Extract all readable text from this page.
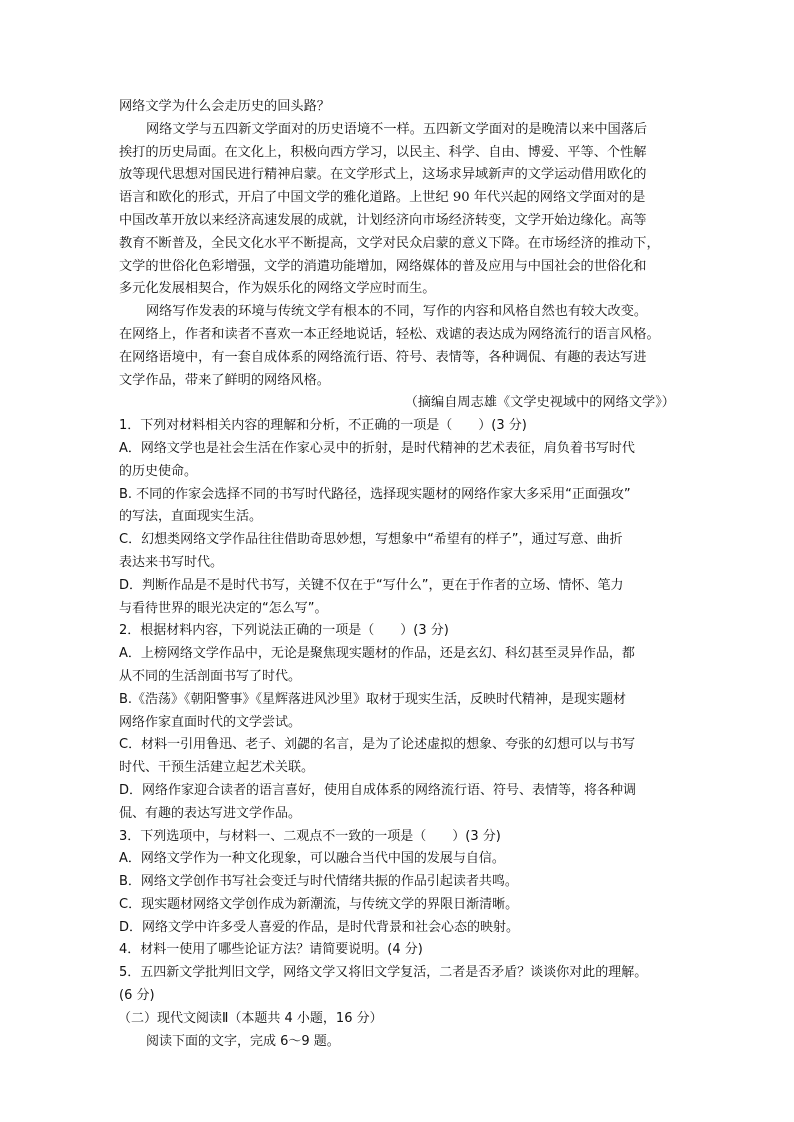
网络文学为什么会走历史的回头路？
网络文学与五四新文学面对的历史语境不一样。五四新文学面对的是晚清以来中国落后
挨打的历史局面。在文化上，积极向西方学习，以民主、科学、自由、博爱、平等、个性解
放等现代思想对国民进行精神启蒙。在文学形式上，这场求异域新声的文学运动借用欧化的
语言和欧化的形式，开启了中国文学的雅化道路。上世纪 90 年代兴起的网络文学面对的是
中国改革开放以来经济高速发展的成就，计划经济向市场经济转变，文学开始边缘化。高等
教育不断普及，全民文化水平不断提高，文学对民众启蒙的意义下降。在市场经济的推动下，
文学的世俗化色彩增强，文学的消遣功能增加，网络媒体的普及应用与中国社会的世俗化和
多元化发展相契合，作为娱乐化的网络文学应时而生。
网络写作发表的环境与传统文学有根本的不同，写作的内容和风格自然也有较大改变。
在网络上，作者和读者不喜欢一本正经地说话，轻松、戏谑的表达成为网络流行的语言风格。
在网络语境中，有一套自成体系的网络流行语、符号、表情等，各种调侃、有趣的表达写进
文学作品，带来了鲜明的网络风格。
（摘编自周志雄《文学史视域中的网络文学》）
1．下列对材料相关内容的理解和分析，不正确的一项是（　　）(3 分)
A．网络文学也是社会生活在作家心灵中的折射，是时代精神的艺术表征，肩负着书写时代
的历史使命。
B. 不同的作家会选择不同的书写时代路径，选择现实题材的网络作家大多采用“正面强攻”
的写法，直面现实生活。
C．幻想类网络文学作品往往借助奇思妙想，写想象中“希望有的样子”，通过写意、曲折
表达来书写时代。
D．判断作品是不是时代书写，关键不仅在于“写什么”，更在于作者的立场、情怀、笔力
与看待世界的眼光决定的“怎么写”。
2．根据材料内容，下列说法正确的一项是（　　）(3 分)
A．上榜网络文学作品中，无论是聚焦现实题材的作品，还是玄幻、科幻甚至灵异作品，都
从不同的生活剖面书写了时代。
B.《浩荡》《朝阳警事》《星辉落进风沙里》取材于现实生活，反映时代精神，是现实题材
网络作家直面时代的文学尝试。
C．材料一引用鲁迅、老子、刘勰的名言，是为了论述虚拟的想象、夸张的幻想可以与书写
时代、干预生活建立起艺术关联。
D．网络作家迎合读者的语言喜好，使用自成体系的网络流行语、符号、表情等，将各种调
侃、有趣的表达写进文学作品。
3．下列选项中，与材料一、二观点不一致的一项是（　　）(3 分)
A．网络文学作为一种文化现象，可以融合当代中国的发展与自信。
B．网络文学创作书写社会变迁与时代情绪共振的作品引起读者共鸣。
C．现实题材网络文学创作成为新潮流，与传统文学的界限日渐清晰。
D．网络文学中许多受人喜爱的作品，是时代背景和社会心态的映射。
4．材料一使用了哪些论证方法？请简要说明。(4 分)
5．五四新文学批判旧文学，网络文学又将旧文学复活，二者是否矛盾？谈谈你对此的理解。
(6 分)
（二）现代文阅读Ⅱ（本题共 4 小题，16 分）
阅读下面的文字，完成 6～9 题。
